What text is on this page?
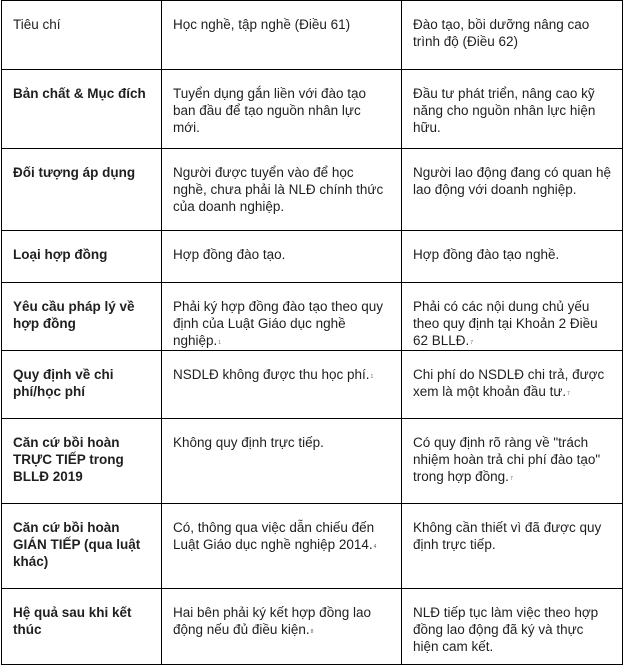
Tiêu chí	Học nghề, tập nghề (Điều 61)	Đào tạo, bồi dưỡng nâng cao trình độ (Điều 62)
Bản chất & Mục đích	Tuyển dụng gắn liền với đào tạo ban đầu để tạo nguồn nhân lực mới.	Đầu tư phát triển, nâng cao kỹ năng cho nguồn nhân lực hiện hữu.
Đối tượng áp dụng	Người được tuyển vào để học nghề, chưa phải là NLĐ chính thức của doanh nghiệp.	Người lao động đang có quan hệ lao động với doanh nghiệp.
Loại hợp đồng	Hợp đồng đào tạo.	Hợp đồng đào tạo nghề.
Yêu cầu pháp lý về hợp đồng	Phải ký hợp đồng đào tạo theo quy định của Luật Giáo dục nghề nghiệp.$^1$	Phải có các nội dung chủ yếu theo quy định tại Khoản 2 Điều 62 BLLĐ.$^7$
Quy định về chi phí/học phí	NSDLĐ không được thu học phí.$^1$	Chi phí do NSDLĐ chi trả, được xem là một khoản đầu tư.$^7$
Căn cứ bồi hoàn TRỰC TIẾP trong BLLĐ 2019	Không quy định trực tiếp.	Có quy định rõ ràng về "trách nhiệm hoàn trả chi phí đào tạo" trong hợp đồng.$^7$
Căn cứ bồi hoàn GIÁN TIẾP (qua luật khác)	Có, thông qua việc dẫn chiếu đến Luật Giáo dục nghề nghiệp 2014.$^4$	Không cần thiết vì đã được quy định trực tiếp.
Hệ quả sau khi kết thúc	Hai bên phải ký kết hợp đồng lao động nếu đủ điều kiện.$^8$	NLĐ tiếp tục làm việc theo hợp đồng lao động đã ký và thực hiện cam kết.
